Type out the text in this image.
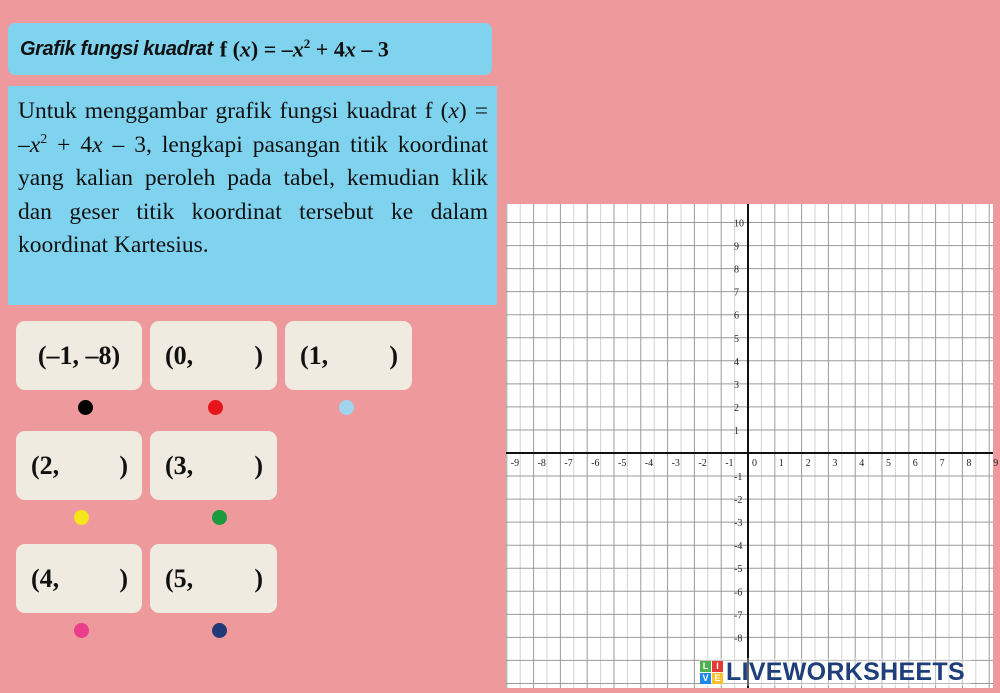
Grafik fungsi kuadrat f $(x) = -x^2 + 4x - 3$
Untuk menggambar grafik fungsi kuadrat f $(x) = -x^2 + 4x - 3$, lengkapi pasangan titik koordinat yang kalian peroleh pada tabel, kemudian klik dan geser titik koordinat tersebut ke dalam koordinat Kartesius.
(–1, –8) (0, ) (1, )
(2, ) (3, )
(4, ) (5, )
-9 -8 -7 -6 -5 -4 -3 -2 -1 0 1 2 3 4 5 6 7 8 9
10
9
8
7
6
5
4
3
2
1
-1
-2
-3
-4
-5
-6
-7
-8
L I
V E LIVEWORKSHEETS
